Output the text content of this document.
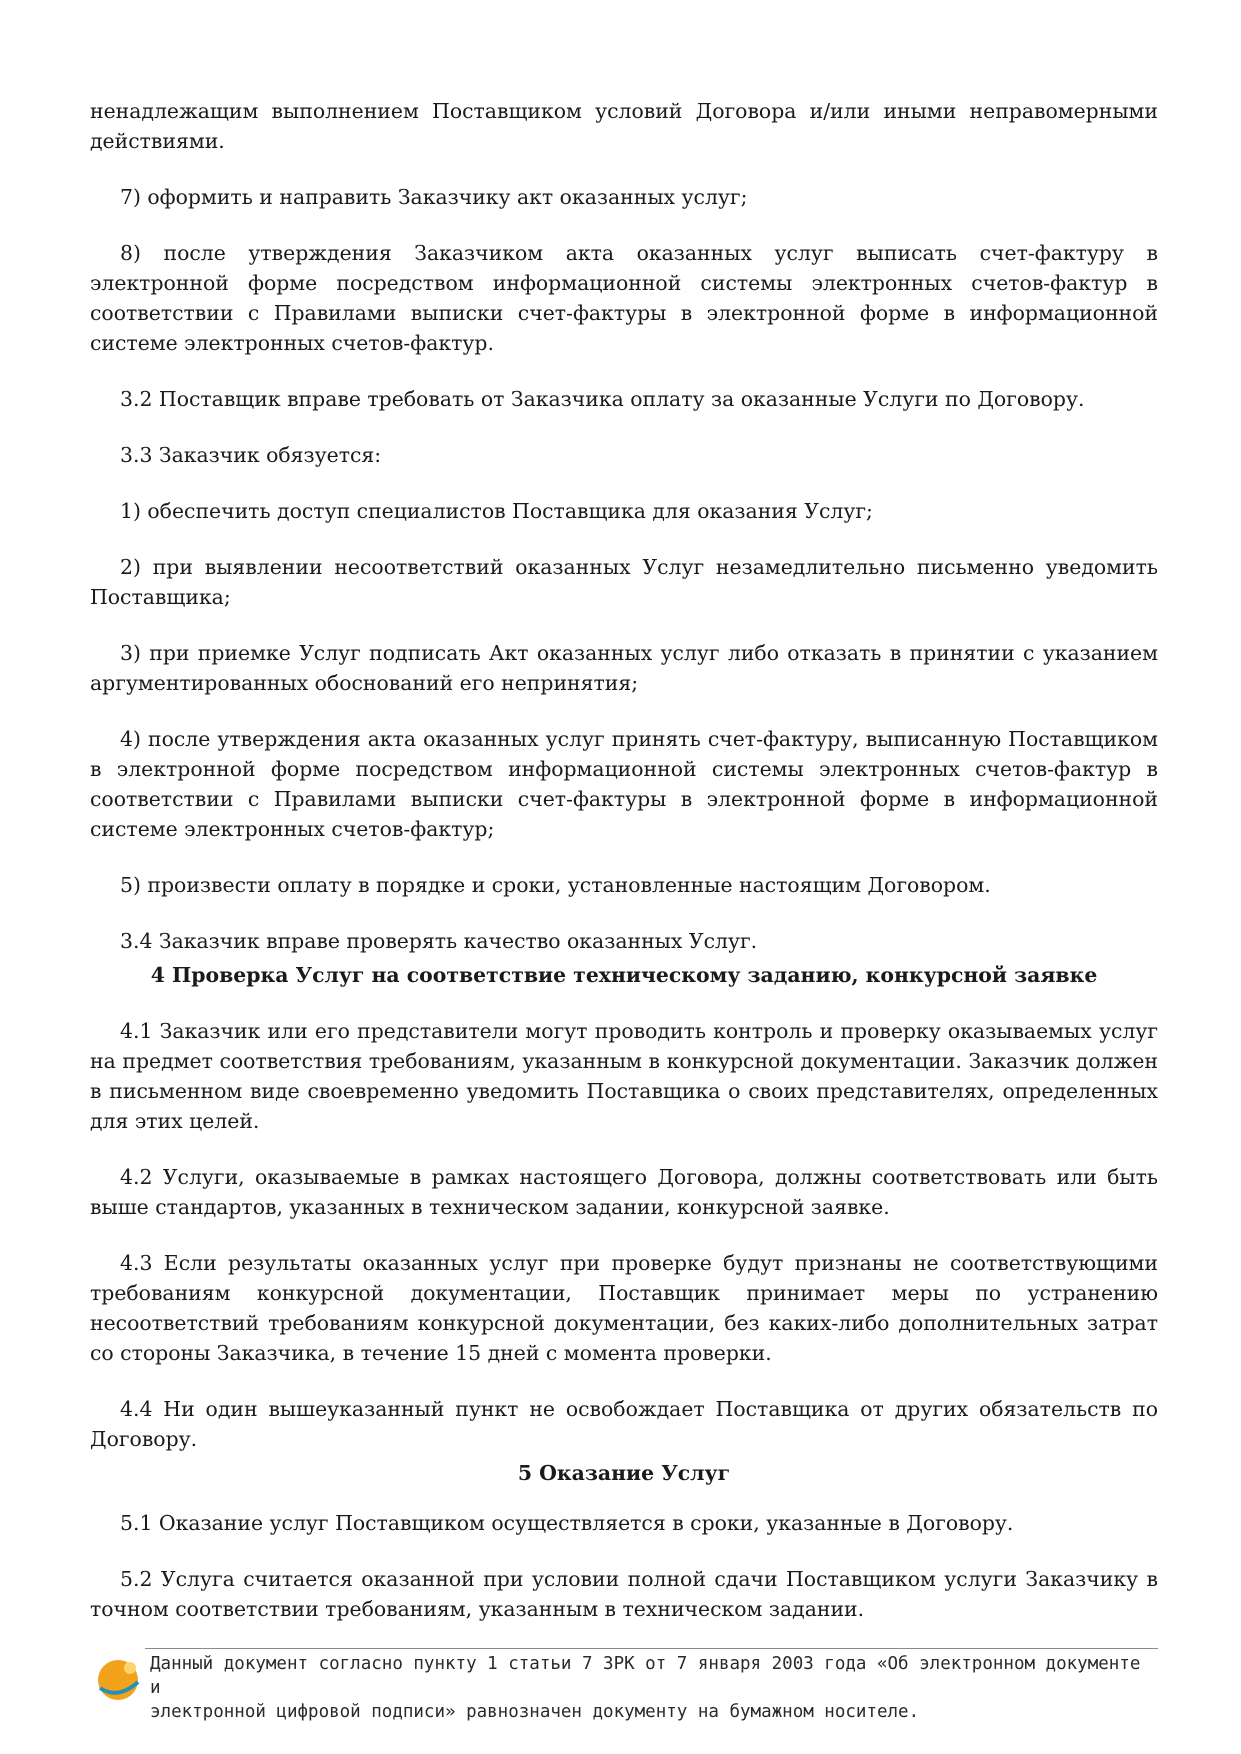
ненадлежащим выполнением Поставщиком условий Договора и/или иными неправомерными действиями.

7) оформить и направить Заказчику акт оказанных услуг;

8) после утверждения Заказчиком акта оказанных услуг выписать счет-фактуру в электронной форме посредством информационной системы электронных счетов-фактур в соответствии с Правилами выписки счет-фактуры в электронной форме в информационной системе электронных счетов-фактур.

3.2 Поставщик вправе требовать от Заказчика оплату за оказанные Услуги по Договору.

3.3 Заказчик обязуется:

1) обеспечить доступ специалистов Поставщика для оказания Услуг;

2) при выявлении несоответствий оказанных Услуг незамедлительно письменно уведомить Поставщика;

3) при приемке Услуг подписать Акт оказанных услуг либо отказать в принятии с указанием аргументированных обоснований его непринятия;

4) после утверждения акта оказанных услуг принять счет-фактуру, выписанную Поставщиком в электронной форме посредством информационной системы электронных счетов-фактур в соответствии с Правилами выписки счет-фактуры в электронной форме в информационной системе электронных счетов-фактур;

5) произвести оплату в порядке и сроки, установленные настоящим Договором.

3.4 Заказчик вправе проверять качество оказанных Услуг.

4 Проверка Услуг на соответствие техническому заданию, конкурсной заявке

4.1 Заказчик или его представители могут проводить контроль и проверку оказываемых услуг на предмет соответствия требованиям, указанным в конкурсной документации. Заказчик должен в письменном виде своевременно уведомить Поставщика о своих представителях, определенных для этих целей.

4.2 Услуги, оказываемые в рамках настоящего Договора, должны соответствовать или быть выше стандартов, указанных в техническом задании, конкурсной заявке.

4.3 Если результаты оказанных услуг при проверке будут признаны не соответствующими требованиям конкурсной документации, Поставщик принимает меры по устранению несоответствий требованиям конкурсной документации, без каких-либо дополнительных затрат со стороны Заказчика, в течение 15 дней с момента проверки.

4.4 Ни один вышеуказанный пункт не освобождает Поставщика от других обязательств по Договору.

5 Оказание Услуг

5.1 Оказание услуг Поставщиком осуществляется в сроки, указанные в Договору.

5.2 Услуга считается оказанной при условии полной сдачи Поставщиком услуги Заказчику в точном соответствии требованиям, указанным в техническом задании.

Данный документ согласно пункту 1 статьи 7 ЗРК от 7 января 2003 года «Об электронном документе и
электронной цифровой подписи» равнозначен документу на бумажном носителе.
